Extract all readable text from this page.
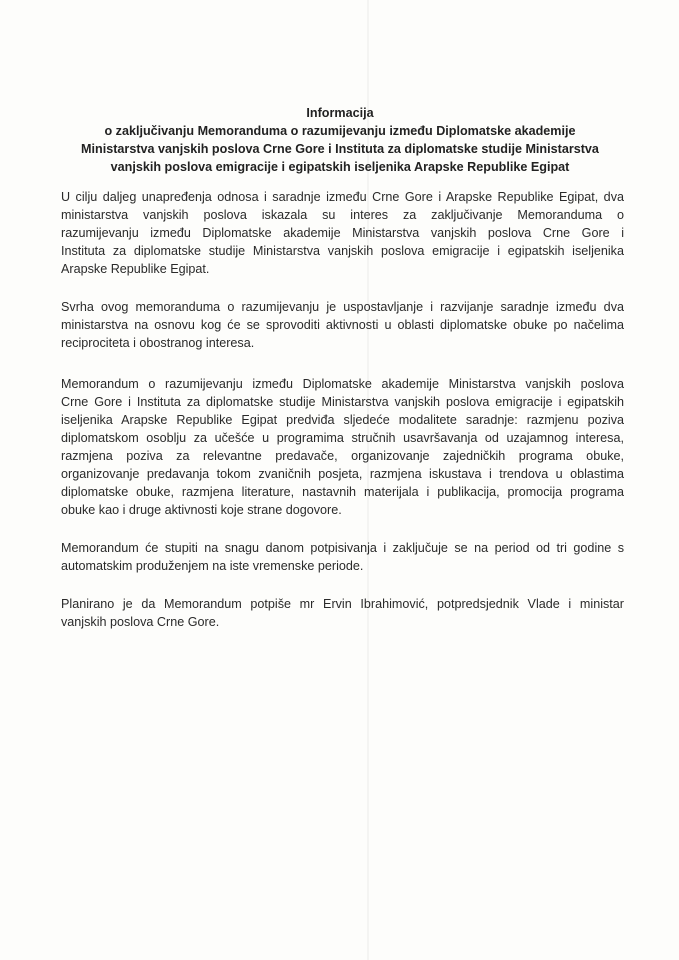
Informacija
o zaključivanju Memoranduma o razumijevanju između Diplomatske akademije
Ministarstva vanjskih poslova Crne Gore i Instituta za diplomatske studije Ministarstva
vanjskih poslova emigracije i egipatskih iseljenika Arapske Republike Egipat
U cilju daljeg unapređenja odnosa i saradnje između Crne Gore i Arapske Republike Egipat, dva
ministarstva vanjskih poslova iskazala su interes za zaključivanje Memoranduma o
razumijevanju između Diplomatske akademije Ministarstva vanjskih poslova Crne Gore i
Instituta za diplomatske studije Ministarstva vanjskih poslova emigracije i egipatskih iseljenika
Arapske Republike Egipat.
Svrha ovog memoranduma o razumijevanju je uspostavljanje i razvijanje saradnje između dva
ministarstva na osnovu kog će se sprovoditi aktivnosti u oblasti diplomatske obuke po načelima
reciprociteta i obostranog interesa.
Memorandum o razumijevanju između Diplomatske akademije Ministarstva vanjskih poslova
Crne Gore i Instituta za diplomatske studije Ministarstva vanjskih poslova emigracije i egipatskih
iseljenika Arapske Republike Egipat predviđa sljedeće modalitete saradnje: razmjenu poziva
diplomatskom osoblju za učešće u programima stručnih usavršavanja od uzajamnog interesa,
razmjena poziva za relevantne predavače, organizovanje zajedničkih programa obuke,
organizovanje predavanja tokom zvaničnih posjeta, razmjena iskustava i trendova u oblastima
diplomatske obuke, razmjena literature, nastavnih materijala i publikacija, promocija programa
obuke kao i druge aktivnosti koje strane dogovore.
Memorandum će stupiti na snagu danom potpisivanja i zaključuje se na period od tri godine s
automatskim produženjem na iste vremenske periode.
Planirano je da Memorandum potpiše mr Ervin Ibrahimović, potpredsjednik Vlade i ministar
vanjskih poslova Crne Gore.
